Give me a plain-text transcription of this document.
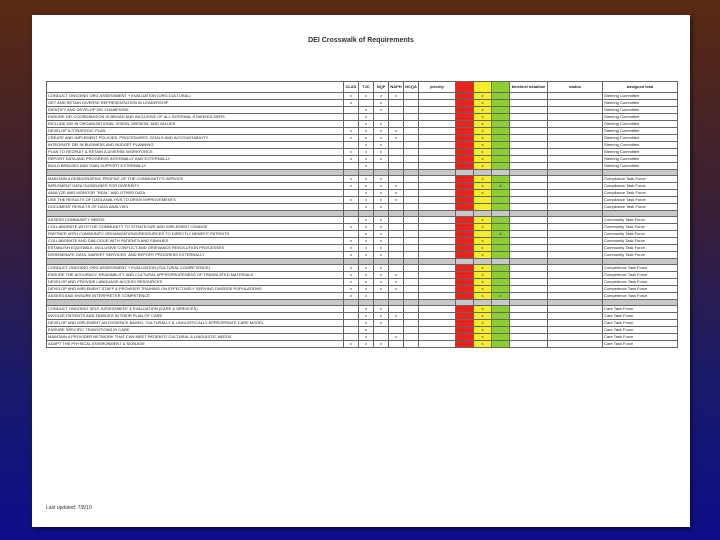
DEI Crosswalk of Requirements
	CLAS	TJC	NQF	NAPH	NCQA	priority				timeline/ deadline	status	assigned lead
CONDUCT ONGOING ORG ASSESSMENT + EVALUATION (ORG CULTURAL)	x	x	x	x				x				Steering Committee
GET AND RETAIN DIVERSE REPRESENTATION IN LEADERSHIP	x		x					x				Steering Committee
IDENTIFY AND DEVELOP DEI CHAMPIONS		x	x					x				Steering Committee
ENSURE DEI COORDINATION IS BROAD AND INCLUSIVE OF ALL INTERNAL STAKEHOLDERS		x						x				Steering Committee
INCLUDE DEI IN ORGANIZATIONAL VISION, MISSION, AND VALUES		x	x					x				Steering Committee
DEVELOP A STRATEGIC PLAN	x	x	x	x				x				Steering Committee
CREATE AND IMPLEMENT POLICIES, PROCEDURES, GOALS AND ACCOUNTABILITY	x	x	x	x				x				Steering Committee
INTEGRATE DEI IN BUSINESS AND BUDGET PLANNING		x	x					x				Steering Committee
PLAN TO RECRUIT & RETAIN A DIVERSE WORKFORCE	x	x	x					x				Steering Committee
REPORT DATA AND PROGRESS INTERNALLY AND EXTERNALLY	x	x	x					x				Steering Committee
BUILD BRIDGES AND GAIN SUPPORT EXTERNALLY		x						x				Steering Committee

MAINTAIN A DEMOGRAPHIC PROFILE OF THE COMMUNITY'S SERVICE	x	x	x					x				Compliance Task Force
IMPLEMENT DATA GUIDELINES FOR DIVERSITY	x	x	x	x				x	x			Compliance Task Force
ANALYZE AND MONITOR "REAL" AND OTHER DATA		x	x	x				x				Compliance Task Force
USE THE RESULTS OF DATA ANALYSIS TO DRIVE IMPROVEMENTS	x	x	x	x								Compliance Task Force
DOCUMENT RESULTS OF DATA ANALYSIS		x	x									Compliance Task Force

ASSESS COMMUNITY NEEDS		x	x					x				Community Task Force
COLLABORATE WITH THE COMMUNITY TO STRATEGIZE AND IMPLEMENT CHANGE	x	x	x					x				Community Task Force
PARTNER WITH COMMUNITY ORGANIZATIONS/RESOURCES TO DIRECTLY BENEFIT PATIENTS		x	x						x			Community Task Force
COLLABORATE AND DIALOGUE WITH PATIENTS AND FAMILIES	x	x	x					x				Community Task Force
ESTABLISH EQUITABLE, INCLUSIVE CONFLICT AND GRIEVANCE RESOLUTION PROCESSES	x	x	x					x				Community Task Force
DISSEMINATE DATA, MARKET SERVICES, AND REPORT PROGRESS EXTERNALLY	x	x	x					x				Community Task Force

CONDUCT ONGOING ORG ASSESSMENT + EVALUATION (CULTURAL COMPETENCE)	x	x	x					x				Competence Task Force
ENSURE THE ACCURACY, READABILITY AND CULTURAL APPROPRIATENESS OF TRANSLATED MATERIALS	x	x	x	x				x				Competence Task Force
DEVELOP AND PROVIDE LANGUAGE ACCESS RESOURCES	x	x	x	x				x				Competence Task Force
DEVELOP AND IMPLEMENT STAFF & PROVIDER TRAINING ON EFFECTIVELY SERVING DIVERSE POPULATIONS	x	x	x	x				x				Competence Task Force
ASSESS AND ENSURE INTERPRETER COMPETENCE	x	x						x	x			Competence Task Force

CONDUCT ONGOING SELF-ASSESSMENT & EVALUATION (CARE & SERVICES)		x	x					x				Care Task Force
INVOLVE PATIENTS AND FAMILIES IN THEIR PLAN OF CARE		x	x	x				x				Care Task Force
DEVELOP AND IMPLEMENT AN EVIDENCE BASED, CULTURALLY & LINGUISTICALLY APPROPRIATE CARE MODEL		x	x					x				Care Task Force
ENSURE SPECIFIC TRANSITIONS IN CARE		x						x				Care Task Force
MAINTAIN A PROVIDER NETWORK THAT CAN MEET PATIENTS' CULTURAL & LINGUISTIC NEEDS		x		x				x				Care Task Force
ADAPT THE PHYSICAL ENVIRONMENT & SIGNAGE	x	x	x					x				Care Task Force
Last updated: 7/8/10
